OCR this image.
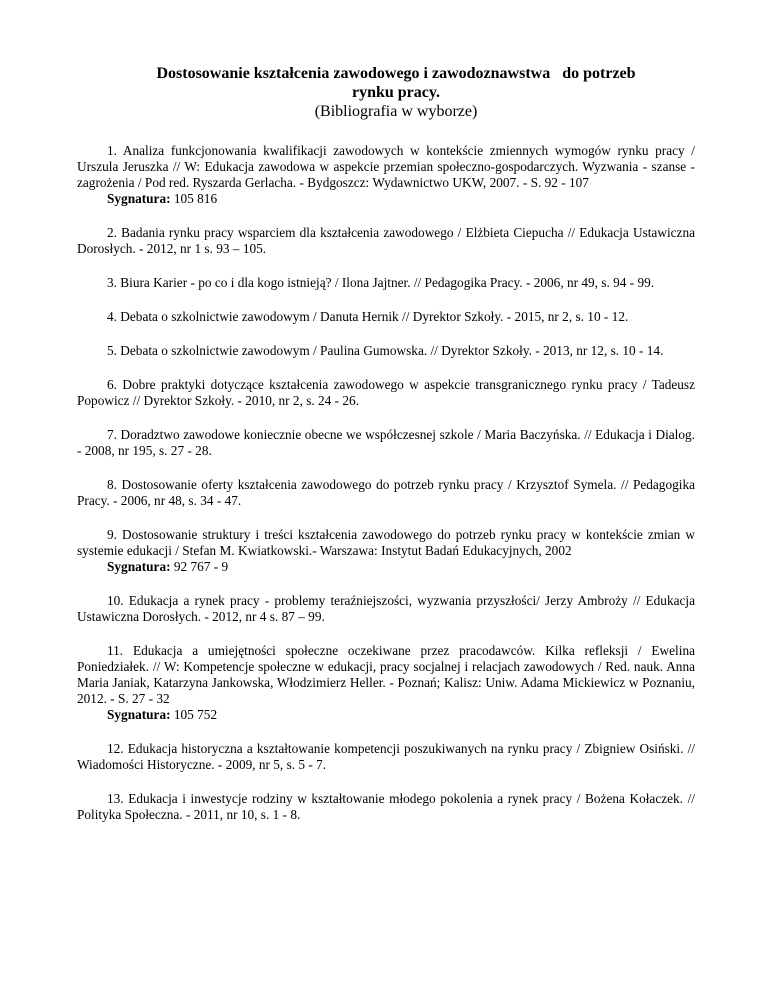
Dostosowanie kształcenia zawodowego i zawodoznawstwa   do potrzeb

rynku pracy.

(Bibliografia w wyborze)

1. Analiza funkcjonowania kwalifikacji zawodowych w kontekście zmiennych wymogów rynku pracy / Urszula Jeruszka // W: Edukacja zawodowa w aspekcie przemian społeczno-gospodarczych. Wyzwania - szanse - zagrożenia / Pod red. Ryszarda Gerlacha. - Bydgoszcz: Wydawnictwo UKW, 2007. - S. 92 - 107

Sygnatura: 105 816

2. Badania rynku pracy wsparciem dla kształcenia zawodowego / Elżbieta Ciepucha // Edukacja Ustawiczna Dorosłych. - 2012, nr 1 s. 93 – 105.

3. Biura Karier - po co i dla kogo istnieją? / Ilona Jajtner. // Pedagogika Pracy. - 2006, nr 49, s. 94 - 99.

4. Debata o szkolnictwie zawodowym / Danuta Hernik // Dyrektor Szkoły. - 2015, nr 2, s. 10 - 12.

5. Debata o szkolnictwie zawodowym / Paulina Gumowska. // Dyrektor Szkoły. - 2013, nr 12, s. 10 - 14.

6. Dobre praktyki dotyczące kształcenia zawodowego w aspekcie transgranicznego rynku pracy / Tadeusz Popowicz // Dyrektor Szkoły. - 2010, nr 2, s. 24 - 26.

7. Doradztwo zawodowe koniecznie obecne we współczesnej szkole / Maria Baczyńska. // Edukacja i Dialog. - 2008, nr 195, s. 27 - 28.

8. Dostosowanie oferty kształcenia zawodowego do potrzeb rynku pracy / Krzysztof Symela. // Pedagogika Pracy. - 2006, nr 48, s. 34 - 47.

9. Dostosowanie struktury i treści kształcenia zawodowego do potrzeb rynku pracy w kontekście zmian w systemie edukacji / Stefan M. Kwiatkowski.- Warszawa: Instytut Badań Edukacyjnych, 2002

Sygnatura: 92 767 - 9

10. Edukacja a rynek pracy - problemy teraźniejszości, wyzwania przyszłości/ Jerzy Ambroży // Edukacja Ustawiczna Dorosłych. - 2012, nr 4 s. 87 – 99.

11. Edukacja a umiejętności społeczne oczekiwane przez pracodawców. Kilka refleksji / Ewelina Poniedziałek. // W: Kompetencje społeczne w edukacji, pracy socjalnej i relacjach zawodowych / Red. nauk. Anna Maria Janiak, Katarzyna Jankowska, Włodzimierz Heller. - Poznań; Kalisz: Uniw. Adama Mickiewicz w Poznaniu, 2012. - S. 27 - 32

Sygnatura: 105 752

12. Edukacja historyczna a kształtowanie kompetencji poszukiwanych na rynku pracy / Zbigniew Osiński. // Wiadomości Historyczne. - 2009, nr 5, s. 5 - 7.

13. Edukacja i inwestycje rodziny w kształtowanie młodego pokolenia a rynek pracy / Bożena Kołaczek. // Polityka Społeczna. - 2011, nr 10, s. 1 - 8.
